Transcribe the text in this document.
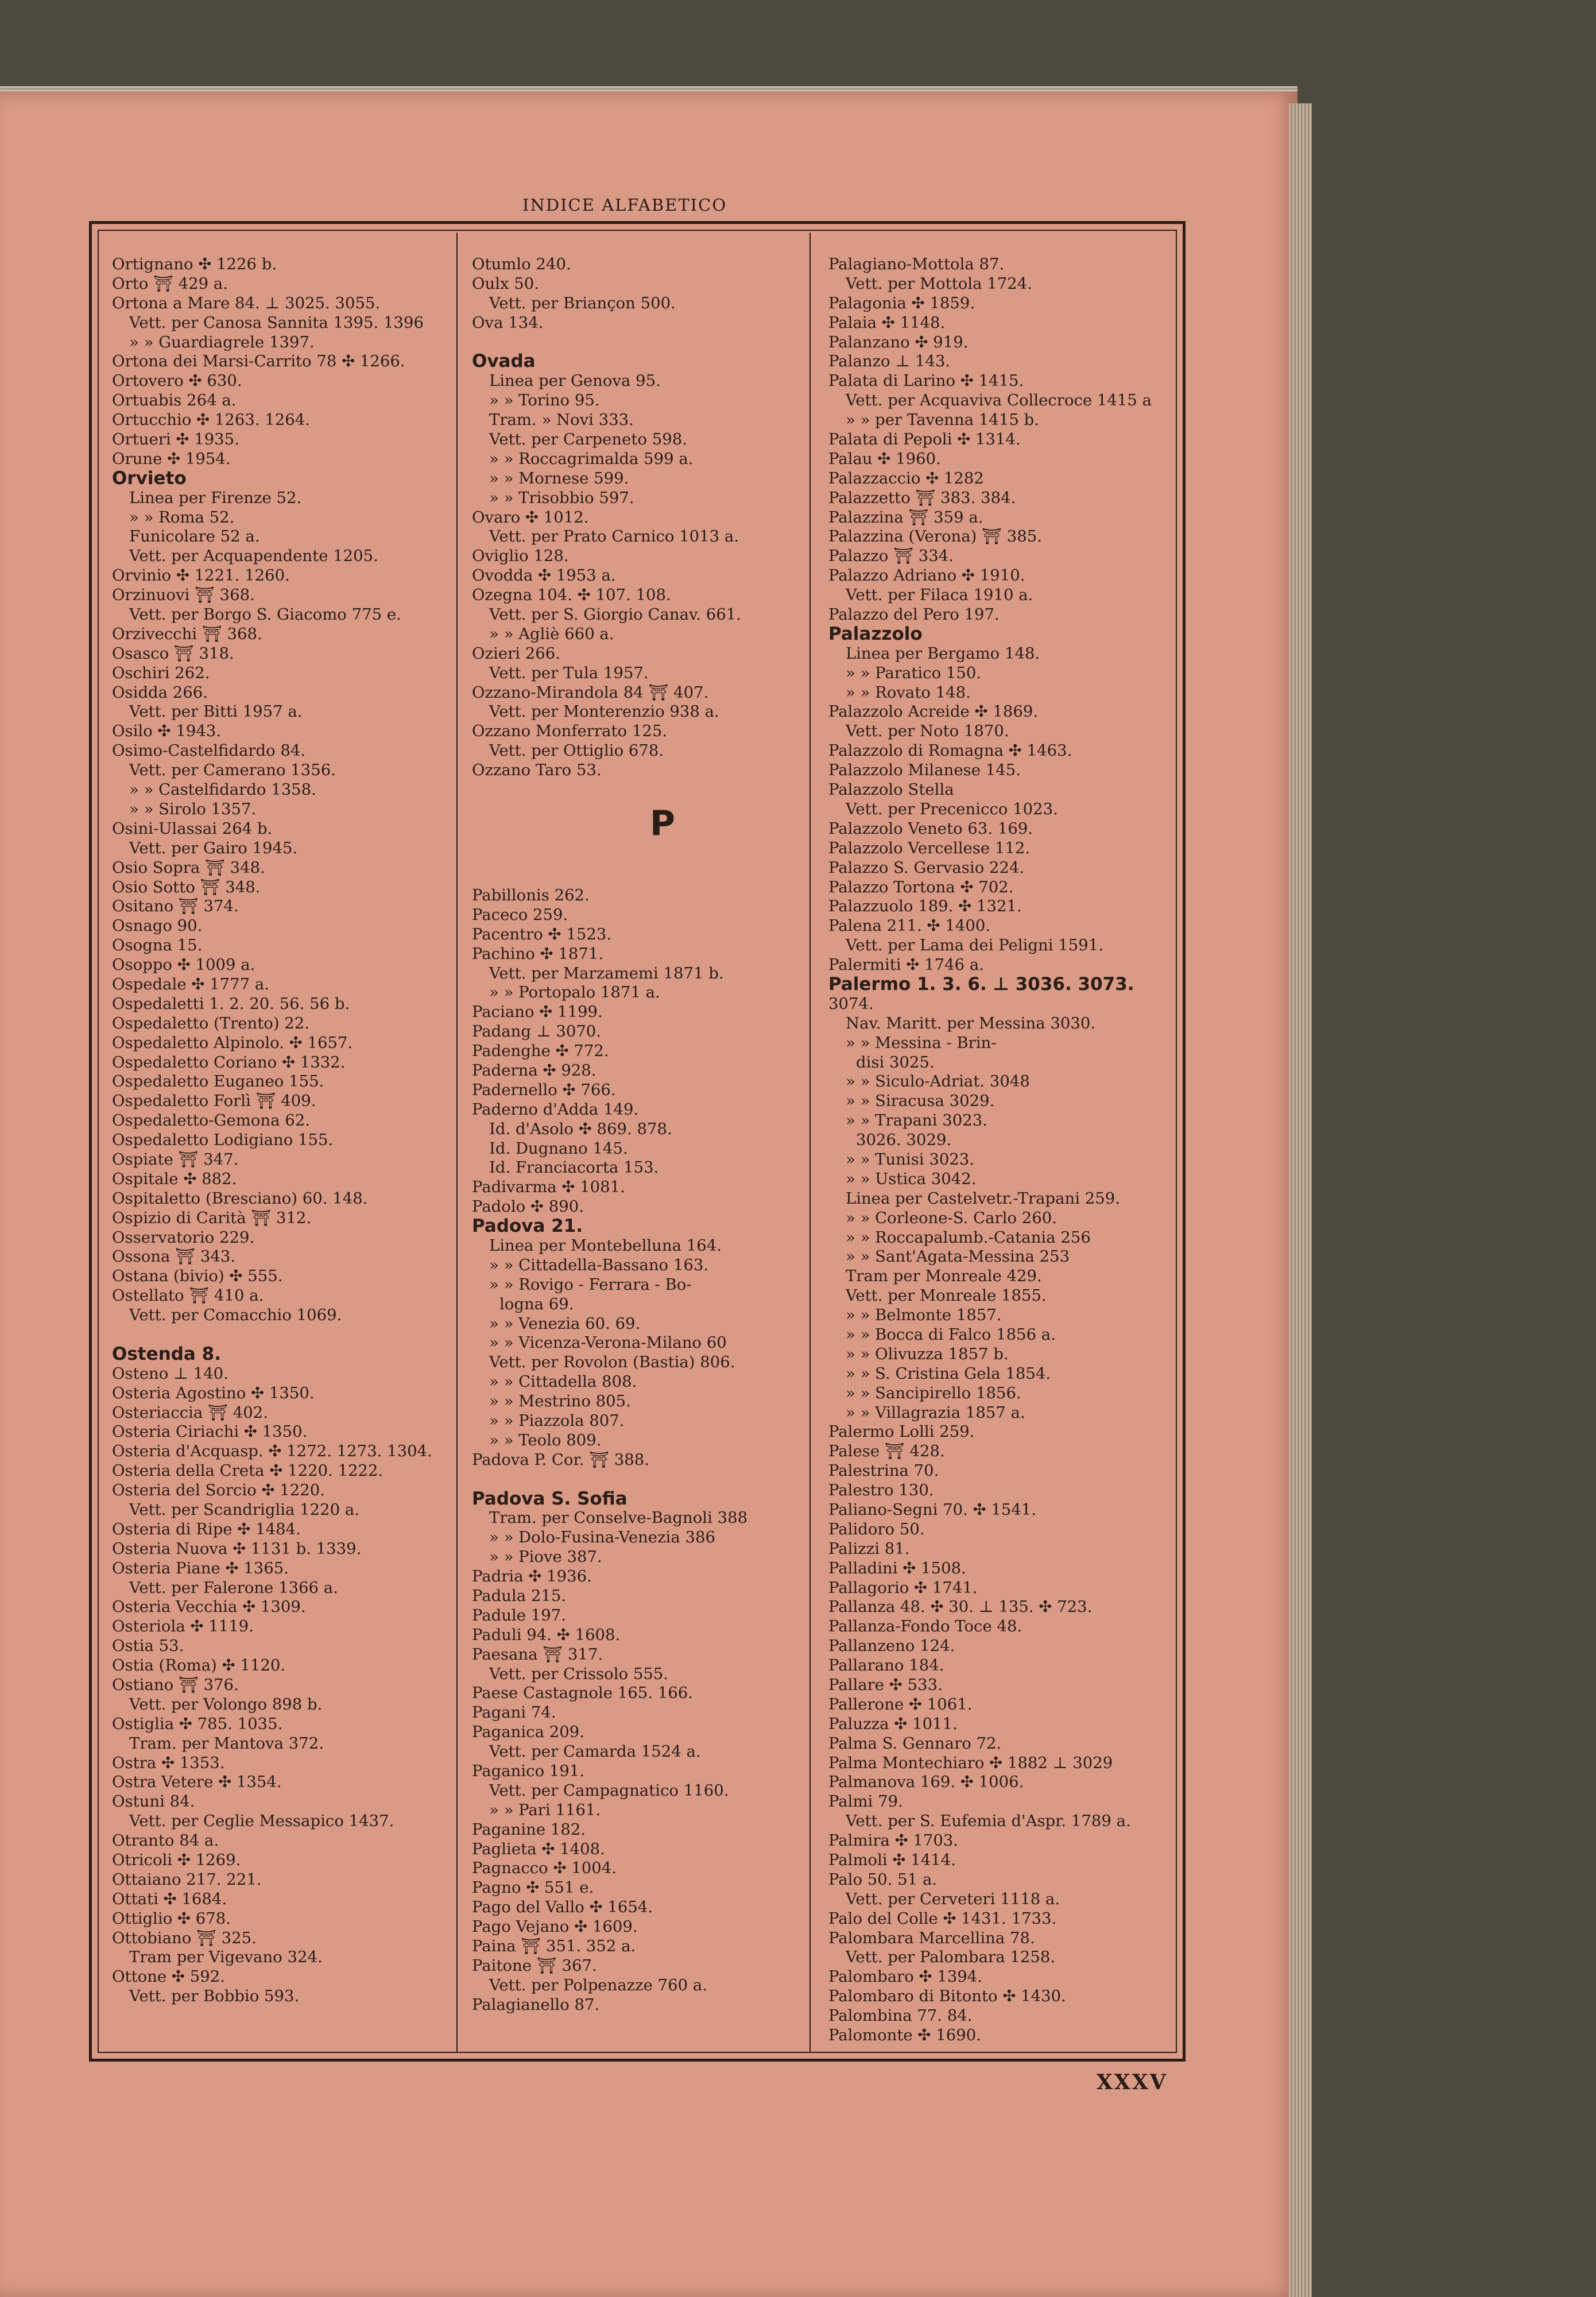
INDICE ALFABETICO
Ortignano ✣ 1226 b.
Orto ⛩ 429 a.
Ortona a Mare 84. ⊥ 3025. 3055.
Vett. per Canosa Sannita 1395. 1396
» » Guardiagrele 1397.
Ortona dei Marsi-Carrito 78 ✣ 1266.
Ortovero ✣ 630.
Ortuabis 264 a.
Ortucchio ✣ 1263. 1264.
Ortueri ✣ 1935.
Orune ✣ 1954.
Orvieto
Linea per Firenze 52.
» » Roma 52.
Funicolare 52 a.
Vett. per Acquapendente 1205.
Orvinio ✣ 1221. 1260.
Orzinuovi ⛩ 368.
Vett. per Borgo S. Giacomo 775 e.
Orzivecchi ⛩ 368.
Osasco ⛩ 318.
Oschiri 262.
Osidda 266.
Vett. per Bitti 1957 a.
Osilo ✣ 1943.
Osimo-Castelfidardo 84.
Vett. per Camerano 1356.
» » Castelfidardo 1358.
» » Sirolo 1357.
Osini-Ulassai 264 b.
Vett. per Gairo 1945.
Osio Sopra ⛩ 348.
Osio Sotto ⛩ 348.
Ositano ⛩ 374.
Osnago 90.
Osogna 15.
Osoppo ✣ 1009 a.
Ospedale ✣ 1777 a.
Ospedaletti 1. 2. 20. 56. 56 b.
Ospedaletto (Trento) 22.
Ospedaletto Alpinolo. ✣ 1657.
Ospedaletto Coriano ✣ 1332.
Ospedaletto Euganeo 155.
Ospedaletto Forlì ⛩ 409.
Ospedaletto-Gemona 62.
Ospedaletto Lodigiano 155.
Ospiate ⛩ 347.
Ospitale ✣ 882.
Ospitaletto (Bresciano) 60. 148.
Ospizio di Carità ⛩ 312.
Osservatorio 229.
Ossona ⛩ 343.
Ostana (bivio) ✣ 555.
Ostellato ⛩ 410 a.
Vett. per Comacchio 1069.
Ostenda 8.
Osteno ⊥ 140.
Osteria Agostino ✣ 1350.
Osteriaccia ⛩ 402.
Osteria Ciriachi ✣ 1350.
Osteria d'Acquasp. ✣ 1272. 1273. 1304.
Osteria della Creta ✣ 1220. 1222.
Osteria del Sorcio ✣ 1220.
Vett. per Scandriglia 1220 a.
Osteria di Ripe ✣ 1484.
Osteria Nuova ✣ 1131 b. 1339.
Osteria Piane ✣ 1365.
Vett. per Falerone 1366 a.
Osteria Vecchia ✣ 1309.
Osteriola ✣ 1119.
Ostia 53.
Ostia (Roma) ✣ 1120.
Ostiano ⛩ 376.
Vett. per Volongo 898 b.
Ostiglia ✣ 785. 1035.
Tram. per Mantova 372.
Ostra ✣ 1353.
Ostra Vetere ✣ 1354.
Ostuni 84.
Vett. per Ceglie Messapico 1437.
Otranto 84 a.
Otricoli ✣ 1269.
Ottaiano 217. 221.
Ottati ✣ 1684.
Ottiglio ✣ 678.
Ottobiano ⛩ 325.
Tram per Vigevano 324.
Ottone ✣ 592.
Vett. per Bobbio 593.
Otumlo 240.
Oulx 50.
Vett. per Briançon 500.
Ova 134.
Ovada
Linea per Genova 95.
» » Torino 95.
Tram. » Novi 333.
Vett. per Carpeneto 598.
» » Roccagrimalda 599 a.
» » Mornese 599.
» » Trisobbio 597.
Ovaro ✣ 1012.
Vett. per Prato Carnico 1013 a.
Oviglio 128.
Ovodda ✣ 1953 a.
Ozegna 104. ✣ 107. 108.
Vett. per S. Giorgio Canav. 661.
» » Agliè 660 a.
Ozieri 266.
Vett. per Tula 1957.
Ozzano-Mirandola 84 ⛩ 407.
Vett. per Monterenzio 938 a.
Ozzano Monferrato 125.
Vett. per Ottiglio 678.
Ozzano Taro 53.
P
Pabillonis 262.
Paceco 259.
Pacentro ✣ 1523.
Pachino ✣ 1871.
Vett. per Marzamemi 1871 b.
» » Portopalo 1871 a.
Paciano ✣ 1199.
Padang ⊥ 3070.
Padenghe ✣ 772.
Paderna ✣ 928.
Padernello ✣ 766.
Paderno d'Adda 149.
Id. d'Asolo ✣ 869. 878.
Id. Dugnano 145.
Id. Franciacorta 153.
Padivarma ✣ 1081.
Padolo ✣ 890.
Padova 21.
Linea per Montebelluna 164.
» » Cittadella-Bassano 163.
» » Rovigo - Ferrara - Bo-
logna 69.
» » Venezia 60. 69.
» » Vicenza-Verona-Milano 60
Vett. per Rovolon (Bastia) 806.
» » Cittadella 808.
» » Mestrino 805.
» » Piazzola 807.
» » Teolo 809.
Padova P. Cor. ⛩ 388.
Padova S. Sofia
Tram. per Conselve-Bagnoli 388
» » Dolo-Fusina-Venezia 386
» » Piove 387.
Padria ✣ 1936.
Padula 215.
Padule 197.
Paduli 94. ✣ 1608.
Paesana ⛩ 317.
Vett. per Crissolo 555.
Paese Castagnole 165. 166.
Pagani 74.
Paganica 209.
Vett. per Camarda 1524 a.
Paganico 191.
Vett. per Campagnatico 1160.
» » Pari 1161.
Paganine 182.
Paglieta ✣ 1408.
Pagnacco ✣ 1004.
Pagno ✣ 551 e.
Pago del Vallo ✣ 1654.
Pago Vejano ✣ 1609.
Paina ⛩ 351. 352 a.
Paitone ⛩ 367.
Vett. per Polpenazze 760 a.
Palagianello 87.
Palagiano-Mottola 87.
Vett. per Mottola 1724.
Palagonia ✣ 1859.
Palaia ✣ 1148.
Palanzano ✣ 919.
Palanzo ⊥ 143.
Palata di Larino ✣ 1415.
Vett. per Acquaviva Collecroce 1415 a
» » per Tavenna 1415 b.
Palata di Pepoli ✣ 1314.
Palau ✣ 1960.
Palazzaccio ✣ 1282
Palazzetto ⛩ 383. 384.
Palazzina ⛩ 359 a.
Palazzina (Verona) ⛩ 385.
Palazzo ⛩ 334.
Palazzo Adriano ✣ 1910.
Vett. per Filaca 1910 a.
Palazzo del Pero 197.
Palazzolo
Linea per Bergamo 148.
» » Paratico 150.
» » Rovato 148.
Palazzolo Acreide ✣ 1869.
Vett. per Noto 1870.
Palazzolo di Romagna ✣ 1463.
Palazzolo Milanese 145.
Palazzolo Stella
Vett. per Precenicco 1023.
Palazzolo Veneto 63. 169.
Palazzolo Vercellese 112.
Palazzo S. Gervasio 224.
Palazzo Tortona ✣ 702.
Palazzuolo 189. ✣ 1321.
Palena 211. ✣ 1400.
Vett. per Lama dei Peligni 1591.
Palermiti ✣ 1746 a.
Palermo 1. 3. 6. ⊥ 3036. 3073.
3074.
Nav. Maritt. per Messina 3030.
» » Messina - Brin-
disi 3025.
» » Siculo-Adriat. 3048
» » Siracusa 3029.
» » Trapani 3023.
3026. 3029.
» » Tunisi 3023.
» » Ustica 3042.
Linea per Castelvetr.-Trapani 259.
» » Corleone-S. Carlo 260.
» » Roccapalumb.-Catania 256
» » Sant'Agata-Messina 253
Tram per Monreale 429.
Vett. per Monreale 1855.
» » Belmonte 1857.
» » Bocca di Falco 1856 a.
» » Olivuzza 1857 b.
» » S. Cristina Gela 1854.
» » Sancipirello 1856.
» » Villagrazia 1857 a.
Palermo Lolli 259.
Palese ⛩ 428.
Palestrina 70.
Palestro 130.
Paliano-Segni 70. ✣ 1541.
Palidoro 50.
Palizzi 81.
Palladini ✣ 1508.
Pallagorio ✣ 1741.
Pallanza 48. ✣ 30. ⊥ 135. ✣ 723.
Pallanza-Fondo Toce 48.
Pallanzeno 124.
Pallarano 184.
Pallare ✣ 533.
Pallerone ✣ 1061.
Paluzza ✣ 1011.
Palma S. Gennaro 72.
Palma Montechiaro ✣ 1882 ⊥ 3029
Palmanova 169. ✣ 1006.
Palmi 79.
Vett. per S. Eufemia d'Aspr. 1789 a.
Palmira ✣ 1703.
Palmoli ✣ 1414.
Palo 50. 51 a.
Vett. per Cerveteri 1118 a.
Palo del Colle ✣ 1431. 1733.
Palombara Marcellina 78.
Vett. per Palombara 1258.
Palombaro ✣ 1394.
Palombaro di Bitonto ✣ 1430.
Palombina 77. 84.
Palomonte ✣ 1690.
XXXV
